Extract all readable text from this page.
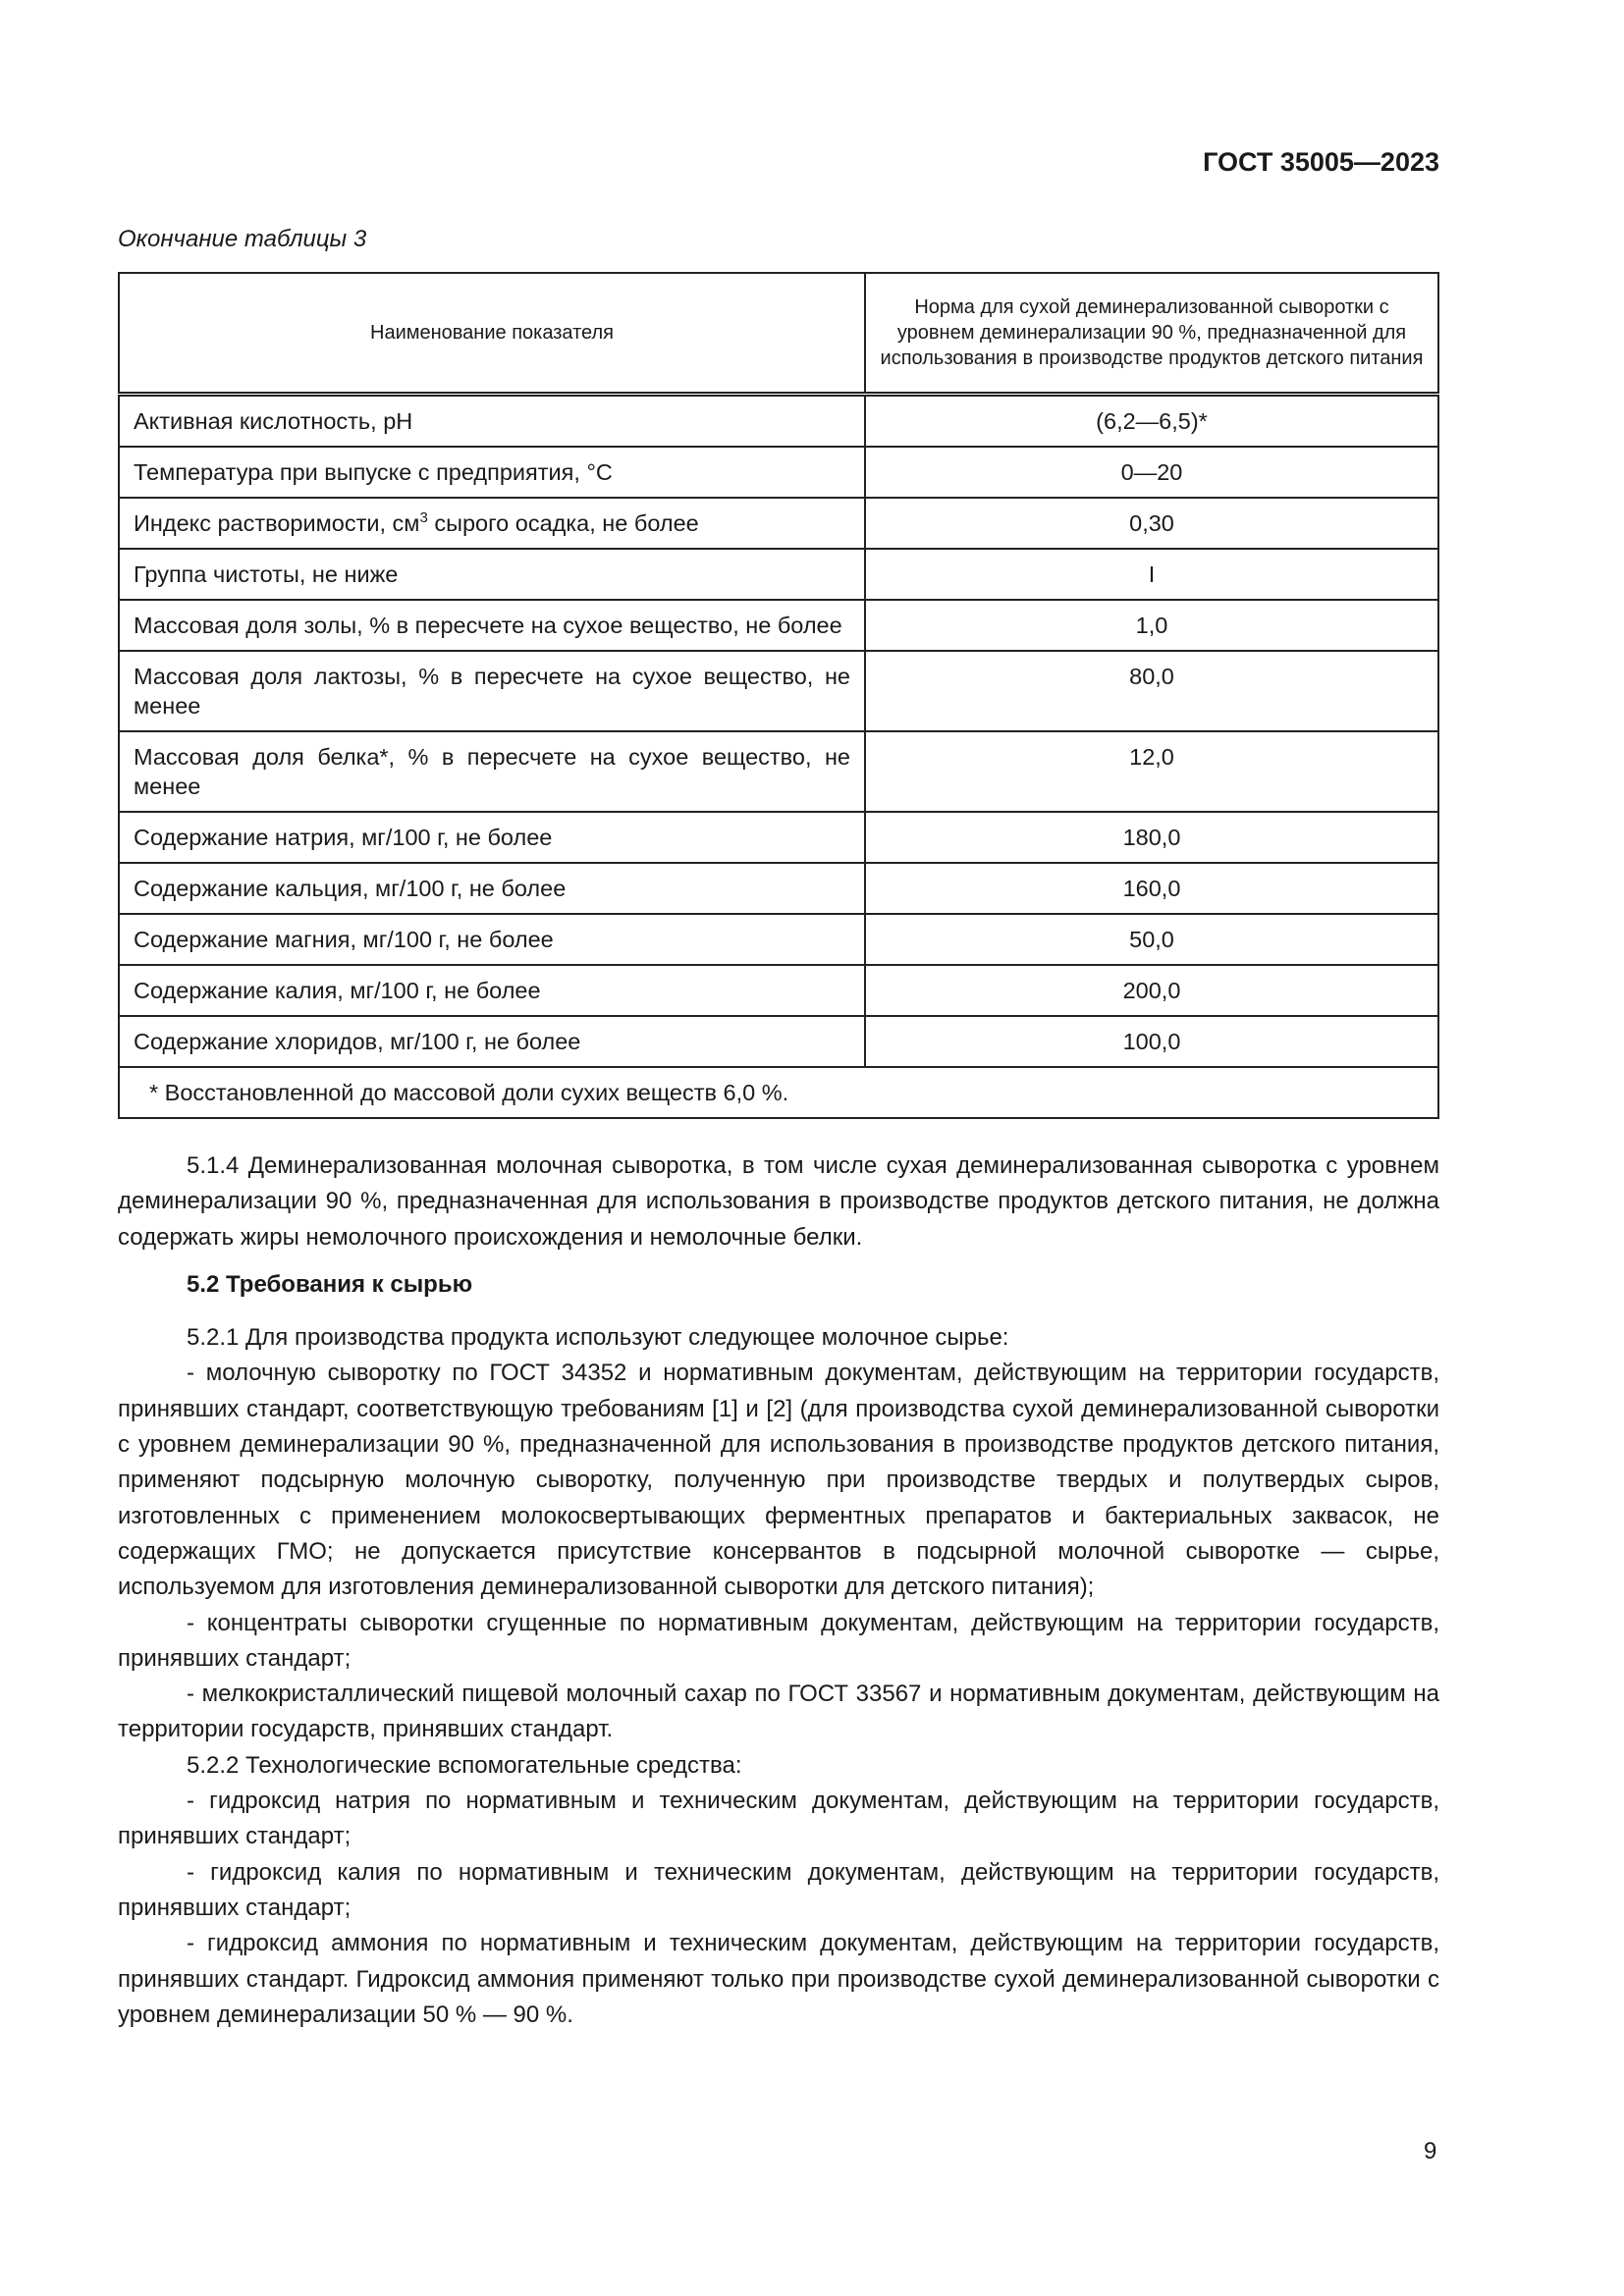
ГОСТ 35005—2023
Окончание таблицы 3
Наименование показателя	Норма для сухой деминерализованной сыворотки с уровнем деминерализации 90 %, предназначенной для использования в производстве продуктов детского питания
Активная кислотность, pH	(6,2—6,5)*
Температура при выпуске с предприятия, °С	0—20
Индекс растворимости, $см^3$ сырого осадка, не более	0,30
Группа чистоты, не ниже	I
Массовая доля золы, % в пересчете на сухое вещество, не более	1,0
Массовая доля лактозы, % в пересчете на сухое вещество, не менее	80,0
Массовая доля белка*, % в пересчете на сухое вещество, не менее	12,0
Содержание натрия, мг/100 г, не более	180,0
Содержание кальция, мг/100 г, не более	160,0
Содержание магния, мг/100 г, не более	50,0
Содержание калия, мг/100 г, не более	200,0
Содержание хлоридов, мг/100 г, не более	100,0
* Восстановленной до массовой доли сухих веществ 6,0 %.	

5.1.4 Деминерализованная молочная сыворотка, в том числе сухая деминерализованная сыворотка с уровнем деминерализации 90 %, предназначенная для использования в производстве продуктов детского питания, не должна содержать жиры немолочного происхождения и немолочные белки.

5.2 Требования к сырью

5.2.1 Для производства продукта используют следующее молочное сырье:

- молочную сыворотку по ГОСТ 34352 и нормативным документам, действующим на территории государств, принявших стандарт, соответствующую требованиям [1] и [2] (для производства сухой деминерализованной сыворотки с уровнем деминерализации 90 %, предназначенной для использования в производстве продуктов детского питания, применяют подсырную молочную сыворотку, полученную при производстве твердых и полутвердых сыров, изготовленных с применением молокосвертывающих ферментных препаратов и бактериальных заквасок, не содержащих ГМО; не допускается присутствие консервантов в подсырной молочной сыворотке — сырье, используемом для изготовления деминерализованной сыворотки для детского питания);

- концентраты сыворотки сгущенные по нормативным документам, действующим на территории государств, принявших стандарт;

- мелкокристаллический пищевой молочный сахар по ГОСТ 33567 и нормативным документам, действующим на территории государств, принявших стандарт.

5.2.2 Технологические вспомогательные средства:

- гидроксид натрия по нормативным и техническим документам, действующим на территории государств, принявших стандарт;

- гидроксид калия по нормативным и техническим документам, действующим на территории государств, принявших стандарт;

- гидроксид аммония по нормативным и техническим документам, действующим на территории государств, принявших стандарт. Гидроксид аммония применяют только при производстве сухой деминерализованной сыворотки с уровнем деминерализации 50 % — 90 %.

9
